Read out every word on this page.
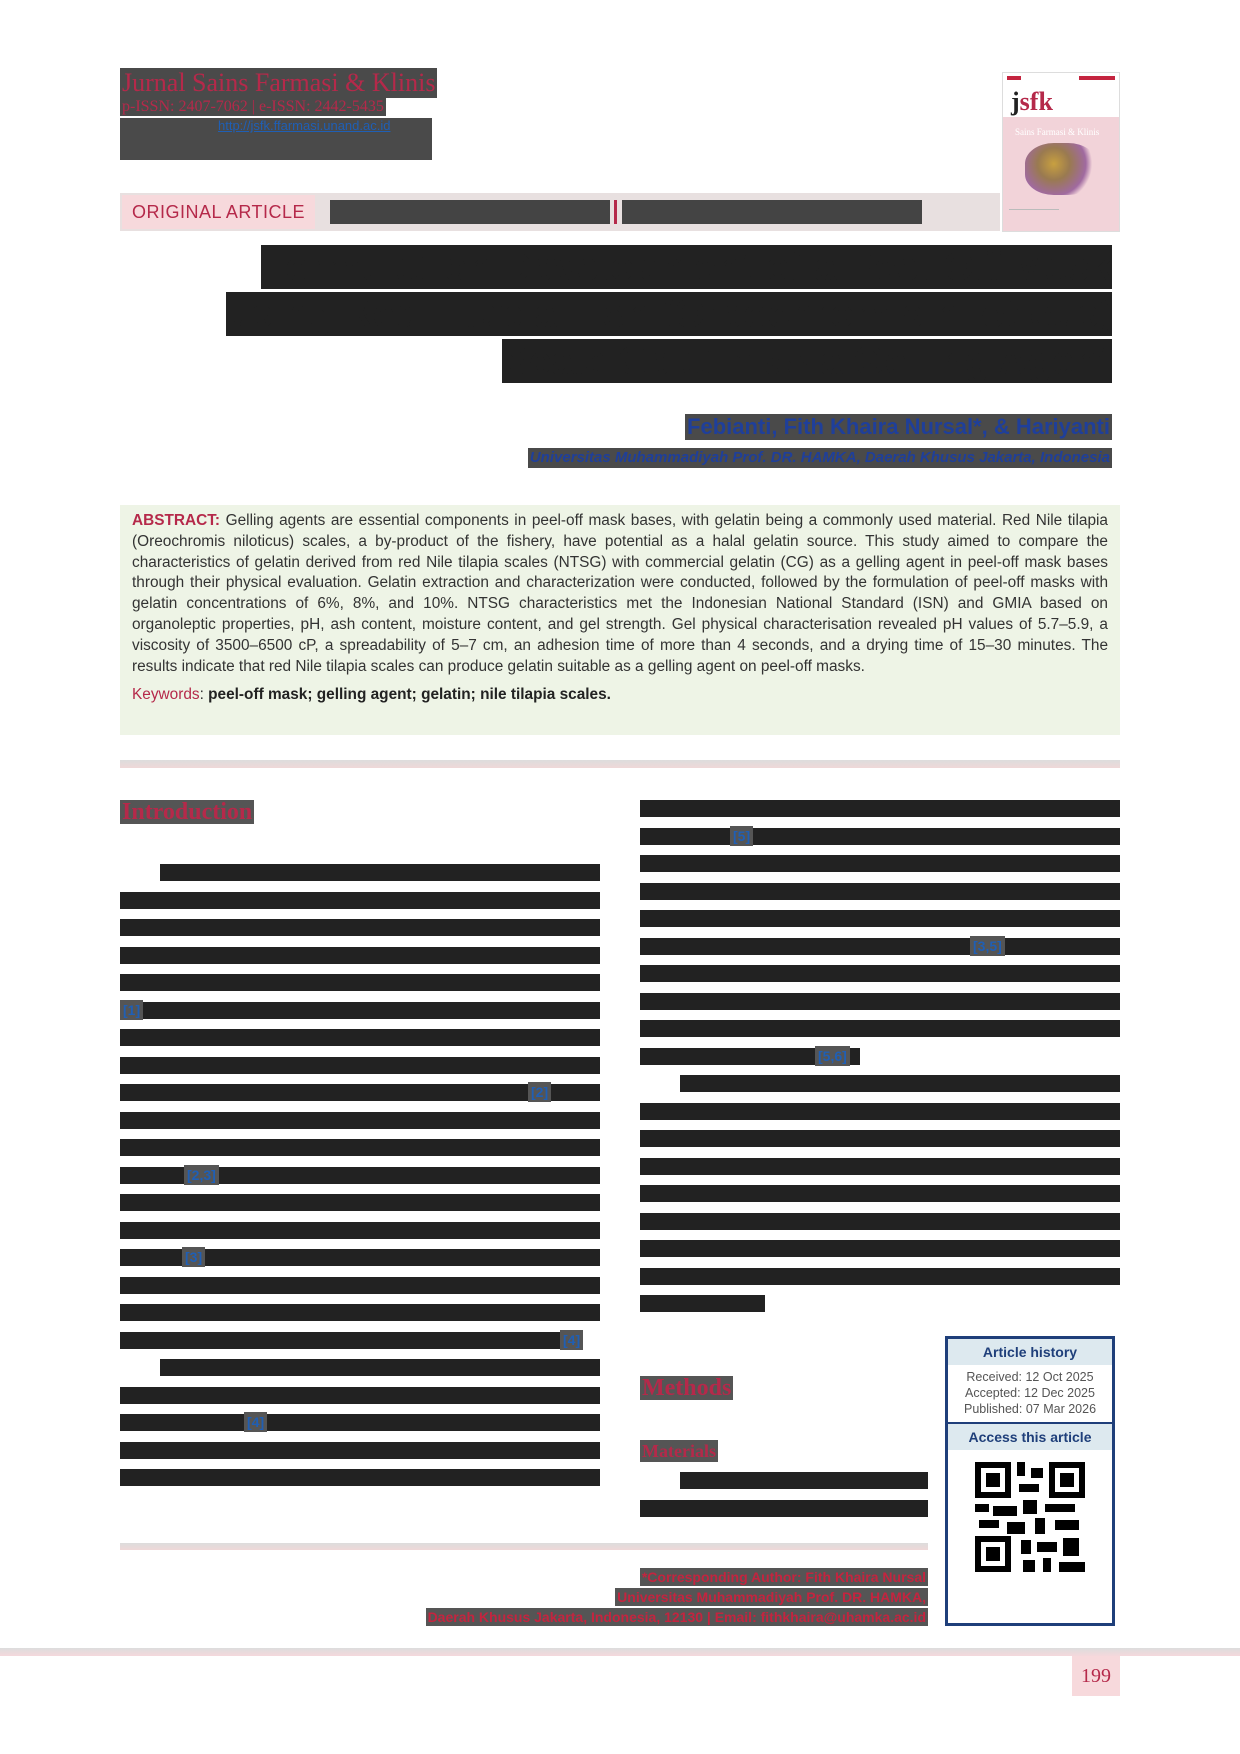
Jurnal Sains Farmasi & Klinis
p-ISSN: 2407-7062 | e-ISSN: 2442-5435
http://jsfk.ffarmasi.unand.ac.id
jsfk
Sains Farmasi & Klinis
ORIGINAL ARTICLE
Formulation Development of a Peel-Off Mask
using Red Tilapia Fish (Oreochromis niloticus)
Scale Gelatin as a Gelling Agent
Febianti, Fith Khaira Nursal*, & Hariyanti
Universitas Muhammadiyah Prof. DR. HAMKA, Daerah Khusus Jakarta, Indonesia

ABSTRACT: Gelling agents are essential components in peel-off mask bases, with gelatin being a commonly used material. Red Nile tilapia (Oreochromis niloticus) scales, a by-product of the fishery, have potential as a halal gelatin source. This study aimed to compare the characteristics of gelatin derived from red Nile tilapia scales (NTSG) with commercial gelatin (CG) as a gelling agent in peel-off mask bases through their physical evaluation. Gelatin extraction and characterization were conducted, followed by the formulation of peel-off masks with gelatin concentrations of 6%, 8%, and 10%. NTSG characteristics met the Indonesian National Standard (ISN) and GMIA based on organoleptic properties, pH, ash content, moisture content, and gel strength. Gel physical characterisation revealed pH values of 5.7–5.9, a viscosity of 3500–6500 cP, a spreadability of 5–7 cm, an adhesion time of more than 4 seconds, and a drying time of 15–30 minutes. The results indicate that red Nile tilapia scales can produce gelatin suitable as a gelling agent on peel-off masks.

Keywords: peel-off mask; gelling agent; gelatin; nile tilapia scales.

Introduction
[1]
[2]
[2,3]
[3]
[4]
[4]
[5]
[3,5]
[5,6]
Methods
Materials
Article history
Received: 12 Oct 2025
Accepted: 12 Dec 2025
Published: 07 Mar 2026
Access this article
*Corresponding Author: Fith Khaira Nursal
Universitas Muhammadiyah Prof. DR. HAMKA,
Daerah Khusus Jakarta, Indonesia, 12130 | Email: fithkhaira@uhamka.ac.id
199
